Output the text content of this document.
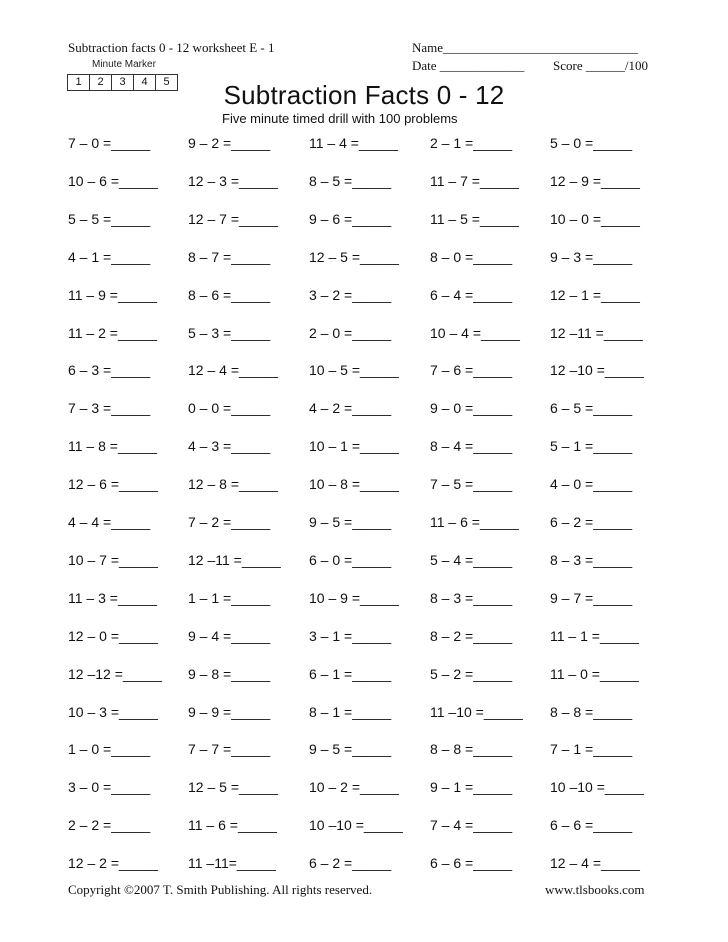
Subtraction facts 0 - 12 worksheet E - 1	Name______________________________
Date _____________ Score ______/100
Minute Marker
1	2	3	4	5	Subtraction Facts 0 - 12
Five minute timed drill with 100 problems
7 – 0 =_____	9 – 2 =_____	11 – 4 =_____ 2 – 1 =_____	5 – 0 =_____
10 – 6 =_____ 12 – 3 =_____ 8 – 5 =_____	11 – 7 =_____ 12 – 9 =_____
5 – 5 =_____	12 – 7 =_____ 9 – 6 =_____	11 – 5 =_____ 10 – 0 =_____
4 – 1 =_____	8 – 7 =_____	12 – 5 =_____ 8 – 0 =_____	9 – 3 =_____
11 – 9 =_____ 8 – 6 =_____	3 – 2 =_____	6 – 4 =_____	12 – 1 =_____
11 – 2 =_____ 5 – 3 =_____	2 – 0 =_____	10 – 4 =_____ 12 –11 =_____
6 – 3 =_____	12 – 4 =_____ 10 – 5 =_____ 7 – 6 =_____	12 –10 =_____
7 – 3 =_____	0 – 0 =_____	4 – 2 =_____	9 – 0 =_____	6 – 5 =_____
11 – 8 =_____ 4 – 3 =_____	10 – 1 =_____ 8 – 4 =_____	5 – 1 =_____
12 – 6 =_____ 12 – 8 =_____ 10 – 8 =_____ 7 – 5 =_____	4 – 0 =_____
4 – 4 =_____	7 – 2 =_____	9 – 5 =_____	11 – 6 =_____ 6 – 2 =_____
10 – 7 =_____ 12 –11 =_____ 6 – 0 =_____	5 – 4 =_____	8 – 3 =_____
11 – 3 =_____ 1 – 1 =_____	10 – 9 =_____ 8 – 3 =_____	9 – 7 =_____
12 – 0 =_____ 9 – 4 =_____	3 – 1 =_____	8 – 2 =_____	11 – 1 =_____
12 –12 =_____ 9 – 8 =_____	6 – 1 =_____	5 – 2 =_____	11 – 0 =_____
10 – 3 =_____ 9 – 9 =_____	8 – 1 =_____	11 –10 =_____ 8 – 8 =_____
1 – 0 =_____	7 – 7 =_____	9 – 5 =_____	8 – 8 =_____	7 – 1 =_____
3 – 0 =_____	12 – 5 =_____ 10 – 2 =_____ 9 – 1 =_____	10 –10 =_____
2 – 2 =_____	11 – 6 =_____ 10 –10 =_____ 7 – 4 =_____	6 – 6 =_____
12 – 2 =_____ 11 –11=_____ 6 – 2 =_____	6 – 6 =_____	12 – 4 =_____
Copyright ©2007 T. Smith Publishing. All rights reserved.	www.tlsbooks.com
